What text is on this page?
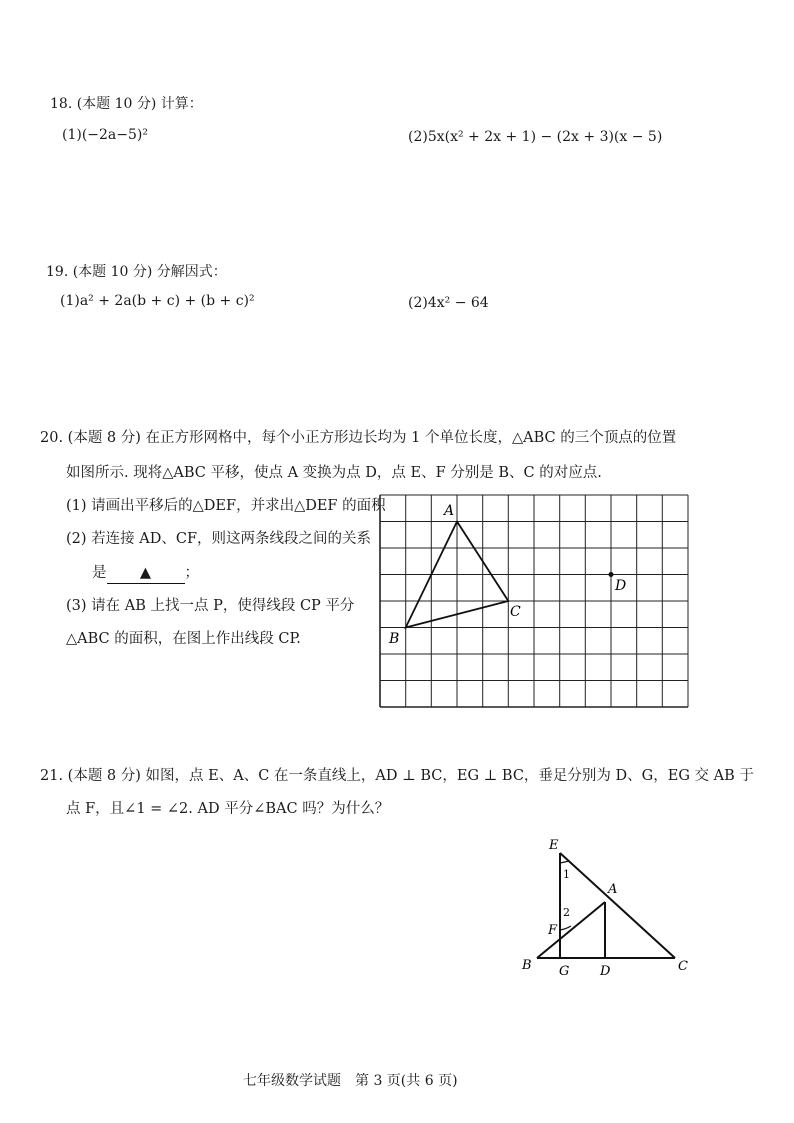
18. (本题 10 分) 计算：
(1)(−2a−5)²	(2)5x(x² + 2x + 1) − (2x + 3)(x − 5)
19. (本题 10 分) 分解因式：
(1)a² + 2a(b + c) + (b + c)²	(2)4x² − 64
20. (本题 8 分) 在正方形网格中，每个小正方形边长均为 1 个单位长度，△ABC 的三个顶点的位置
如图所示. 现将△ABC 平移，使点 A 变换为点 D，点 E、F 分别是 B、C 的对应点.
(1) 请画出平移后的△DEF，并求出△DEF 的面积
(2) 若连接 AD、CF，则这两条线段之间的关系
是 ▲ ；
(3) 请在 AB 上找一点 P，使得线段 CP 平分
△ABC 的面积，在图上作出线段 CP.
A
B
C
D
21. (本题 8 分) 如图，点 E、A、C 在一条直线上，AD ⊥ BC，EG ⊥ BC，垂足分别为 D、G，EG 交 AB 于
点 F，且∠1 = ∠2. AD 平分∠BAC 吗？为什么？
E
A
F
B G D	C
1
2
七年级数学试题　第 3 页(共 6 页)
